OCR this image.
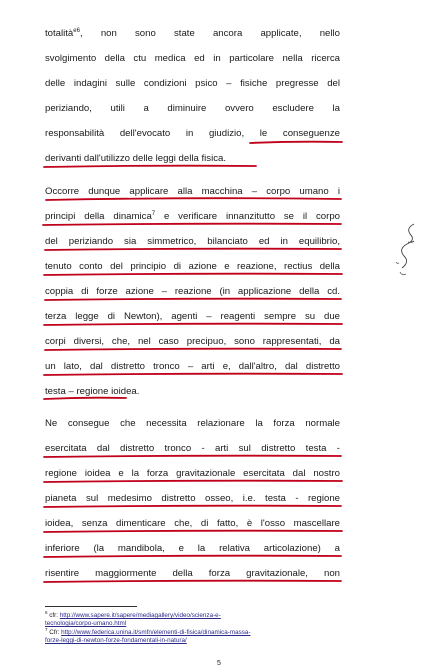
totalità$^{e6}$, non sono state ancora applicate, nello
svolgimento della ctu medica ed in particolare nella ricerca
delle indagini sulle condizioni psico – fisiche pregresse del
periziando, utili a diminuire ovvero escludere la
responsabilità dell'evocato in giudizio, le conseguenze
derivanti dall'utilizzo delle leggi della fisica.
Occorre dunque applicare alla macchina – corpo umano i
principi della dinamica$^7$ e verificare innanzitutto se il corpo
del periziando sia simmetrico, bilanciato ed in equilibrio,
tenuto conto del principio di azione e reazione, rectius della
coppia di forze azione – reazione (in applicazione della cd.
terza legge di Newton), agenti – reagenti sempre su due
corpi diversi, che, nel caso precipuo, sono rappresentati, da
un lato, dal distretto tronco – arti e, dall'altro, dal distretto
testa – regione ioidea.
Ne consegue che necessita relazionare la forza normale
esercitata dal distretto tronco - arti sul distretto testa -
regione ioidea e la forza gravitazionale esercitata dal nostro
pianeta sul medesimo distretto osseo, i.e. testa - regione
ioidea, senza dimenticare che, di fatto, è l'osso mascellare
inferiore (la mandibola, e la relativa articolazione) a
risentire maggiormente della forza gravitazionale, non
$^6$ cfr: http://www.sapere.it/sapere/mediagallery/video/scienza-e-
tecnologia/corpo-umano.html
$^7$ Cfr: http://www.federica.unina.it/smfn/elementi-di-fisica/dinamica-massa-
forze-leggi-di-newton-forze-fondamentali-in-natura/
5
